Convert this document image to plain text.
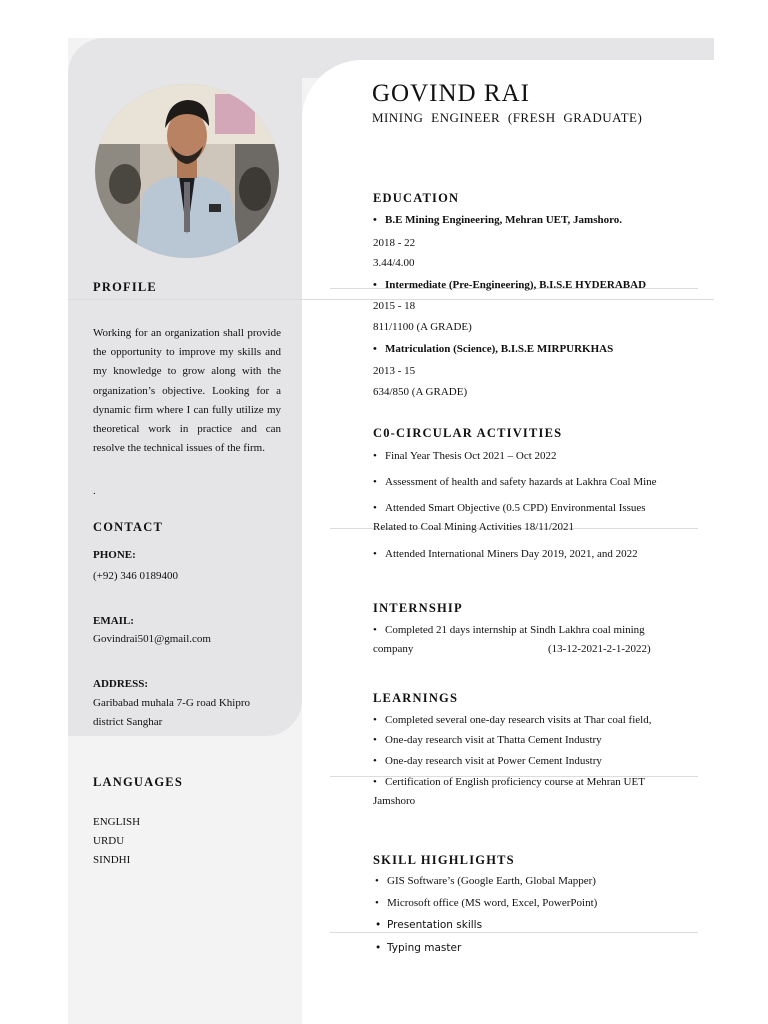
GOVIND RAI
MINING ENGINEER (FRESH GRADUATE)
PROFILE
Working for an organization shall provide the opportunity to improve my skills and my knowledge to grow along with the organization’s objective. Looking for a dynamic firm where I can fully utilize my theoretical work in practice and can resolve the technical issues of the firm.
.
CONTACT
PHONE:
(+92) 346 0189400
EMAIL:
Govindrai501@gmail.com
ADDRESS:
Garibabad muhala 7-G road Khipro
district Sanghar
LANGUAGES
ENGLISH
URDU
SINDHI
EDUCATION
• B.E Mining Engineering, Mehran UET, Jamshoro.
2018 - 22
3.44/4.00
• Intermediate (Pre-Engineering), B.I.S.E HYDERABAD
2015 - 18
811/1100 (A GRADE)
• Matriculation (Science), B.I.S.E MIRPURKHAS
2013 - 15
634/850 (A GRADE)
C0-CIRCULAR ACTIVITIES
• Final Year Thesis Oct 2021 – Oct 2022
• Assessment of health and safety hazards at Lakhra Coal Mine
• Attended Smart Objective (0.5 CPD) Environmental Issues
Related to Coal Mining Activities 18/11/2021
• Attended International Miners Day 2019, 2021, and 2022
INTERNSHIP
• Completed 21 days internship at Sindh Lakhra coal mining
company	(13-12-2021-2-1-2022)
LEARNINGS
• Completed several one-day research visits at Thar coal field,
• One-day research visit at Thatta Cement Industry
• One-day research visit at Power Cement Industry
• Certification of English proficiency course at Mehran UET
Jamshoro
SKILL HIGHLIGHTS
• GIS Software’s (Google Earth, Global Mapper)
• Microsoft office (MS word, Excel, PowerPoint)
• Presentation skills
• Typing master
